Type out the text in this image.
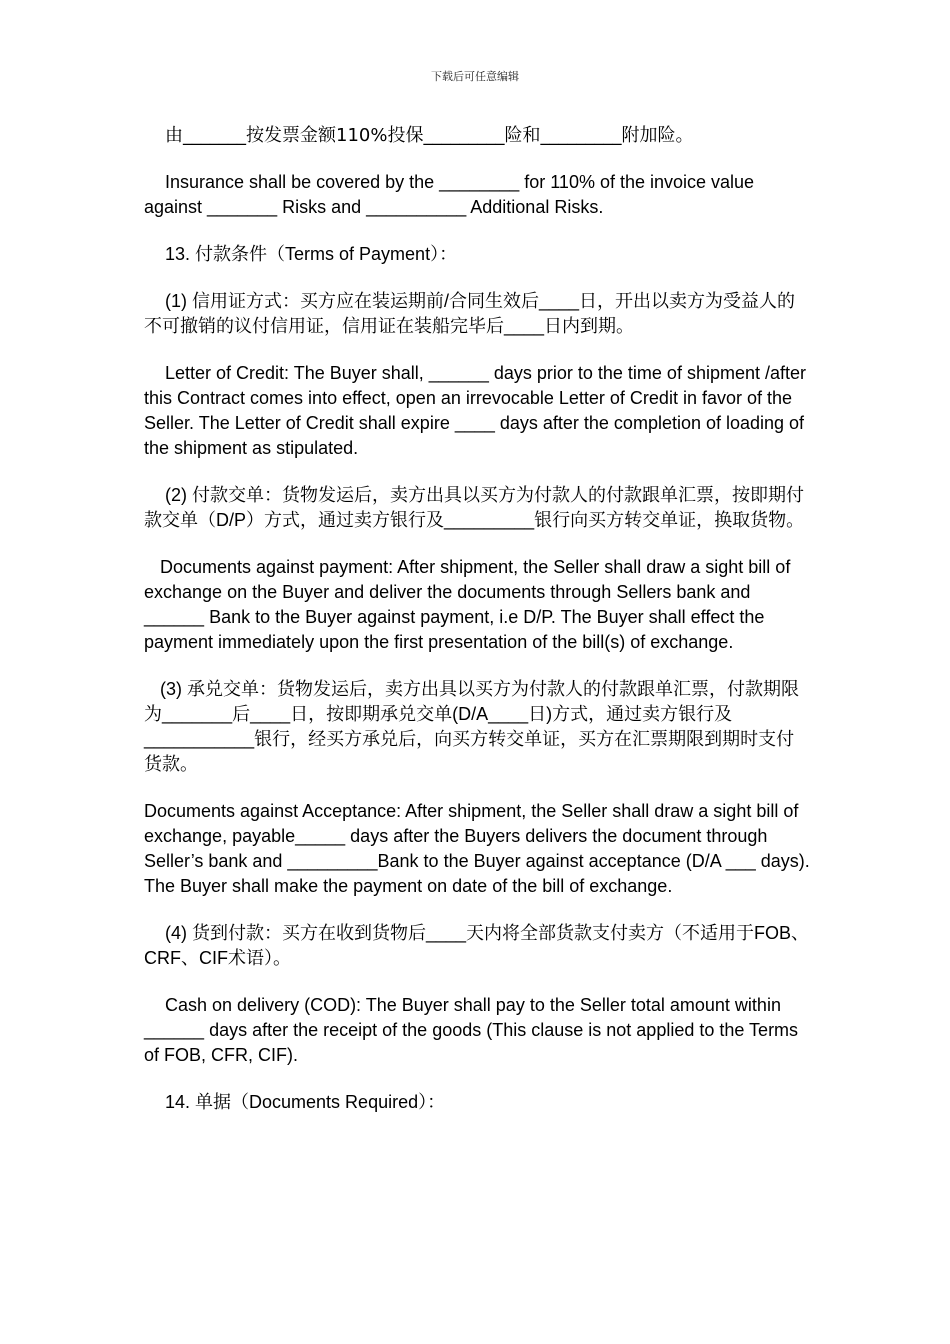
下载后可任意编辑

由_______按发票金额110%投保_________险和_________附加险。

Insurance shall be covered by the ________ for 110% of the invoice value against _______ Risks and __________ Additional Risks.

13. 付款条件（Terms of Payment）：

(1) 信用证方式：买方应在装运期前/合同生效后____日，开出以卖方为受益人的不可撤销的议付信用证，信用证在装船完毕后____日内到期。

Letter of Credit: The Buyer shall, ______ days prior to the time of shipment /after this Contract comes into effect, open an irrevocable Letter of Credit in favor of the Seller. The Letter of Credit shall expire ____ days after the completion of loading of the shipment as stipulated.

(2) 付款交单：货物发运后，卖方出具以买方为付款人的付款跟单汇票，按即期付款交单（D/P）方式，通过卖方银行及_________银行向买方转交单证，换取货物。

Documents against payment: After shipment, the Seller shall draw a sight bill of exchange on the Buyer and deliver the documents through Sellers bank and ______ Bank to the Buyer against payment, i.e D/P. The Buyer shall effect the payment immediately upon the first presentation of the bill(s) of exchange.

(3) 承兑交单：货物发运后，卖方出具以买方为付款人的付款跟单汇票，付款期限为_______后____日，按即期承兑交单(D/A____日)方式，通过卖方银行及___________银行，经买方承兑后，向买方转交单证，买方在汇票期限到期时支付货款。

Documents against Acceptance: After shipment, the Seller shall draw a sight bill of exchange, payable_____ days after the Buyers delivers the document through Seller’s bank and _________Bank to the Buyer against acceptance (D/A ___ days). The Buyer shall make the payment on date of the bill of exchange.

(4) 货到付款：买方在收到货物后____天内将全部货款支付卖方（不适用于FOB、CRF、CIF术语）。

Cash on delivery (COD): The Buyer shall pay to the Seller total amount within ______ days after the receipt of the goods (This clause is not applied to the Terms of FOB, CFR, CIF).

14. 单据（Documents Required）：
